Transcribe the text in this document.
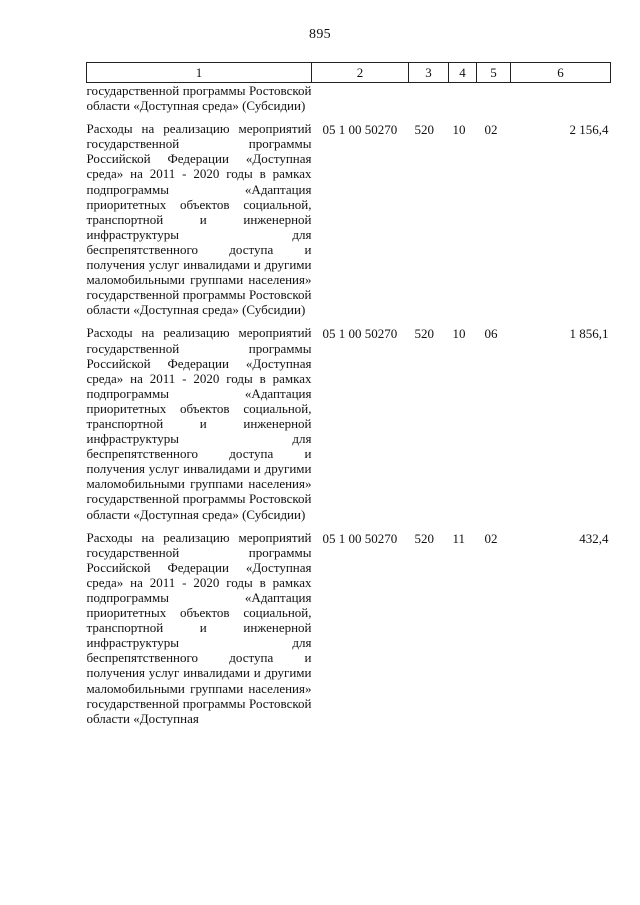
895
1	2	3	4	5	6
государственной программы Ростовской области «Доступная среда» (Субсидии)					
Расходы на реализацию мероприятий государственной программы Российской Федерации «Доступная среда» на 2011 - 2020 годы в рамках подпрограммы «Адаптация приоритетных объектов социальной, транспортной и инженерной инфраструктуры для беспрепятственного доступа и получения услуг инвалидами и другими маломобильными группами населения» государственной программы Ростовской области «Доступная среда» (Субсидии)	05 1 00 50270	520	10	02	2 156,4
Расходы на реализацию мероприятий государственной программы Российской Федерации «Доступная среда» на 2011 - 2020 годы в рамках подпрограммы «Адаптация приоритетных объектов социальной, транспортной и инженерной инфраструктуры для беспрепятственного доступа и получения услуг инвалидами и другими маломобильными группами населения» государственной программы Ростовской области «Доступная среда» (Субсидии)	05 1 00 50270	520	10	06	1 856,1
Расходы на реализацию мероприятий государственной программы Российской Федерации «Доступная среда» на 2011 - 2020 годы в рамках подпрограммы «Адаптация приоритетных объектов социальной, транспортной и инженерной инфраструктуры для беспрепятственного доступа и получения услуг инвалидами и другими маломобильными группами населения» государственной программы Ростовской области «Доступная	05 1 00 50270	520	11	02	432,4
